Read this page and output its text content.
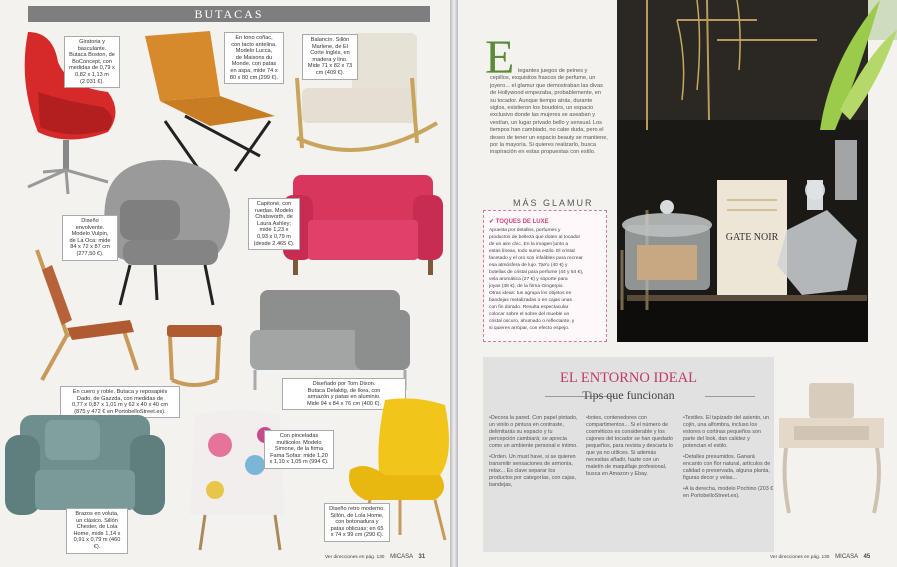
BUTACAS
Giratoria y
basculante.
Butaca Boston, de
BoConcept, con
medidas de 0,79 x
0,82 x 1,13 m
(2.031 €).
En tono coñac,
con tacto antelina.
Modelo Lucca,
de Maisons du
Monde, con patas
en aspa, mide 74 x
80 x 80 cm (299 €).
Balancín. Sillón
Marlene, de El
Corte Inglés, en
madera y lino.
Mide 71 x 82 x 73
cm (409 €).
Diseño
envolvente.
Modelo Vulpin,
de La Oca: mide
84 x 72 x 87 cm
(277,50 €).
Capitoné, con
ruedas. Modelo
Chatsworth, de
Laura Ashley;
mide 1,23 x
0,93 x 0,79 m
(desde 2.465 €).
En cuero y roble. Butaca y reposapiés
Dado, de Gazzda, con medidas de
0,77 x 0,87 x 1,01 m y 62 x 40 x 40 cm
(875 y 472 € en PortobelloStreet.es).
Diseñado por Tom Dixon.
Butaca Delaktig, de Ikea, con
armazón y patas en aluminio.
Mide 94 x 84 x 76 cm (400 €).
Con pinceladas
multicolor. Modelo
Simone, de la firma
Fama Sofas: mide 1,20
x 1,10 x 1,05 m (994 €).
Brazos en voluta,
un clásico. Sillón
Chester, de Lola
Home, mide 1,14 x
0,91 x 0,79 m (460 €).
Diseño retro moderno.
Sillón, de Lola Home,
con botonadura y
patas oblicuas; en 65
x 74 x 99 cm (290 €).
Ver direcciones en pág. 130 MICASA 31
E legantes juegos de peines y
cepillos, exquisitos frascos de perfume, un
joyero... el glamur que demostraban las divas
de Hollywood empezaba, probablemente, en
su tocador. Aunque tiempo atrás, durante
siglos, existieron los boudoirs, un espacio
exclusivo donde las mujeres se aseaban y
vestían, un lugar privado bello y sensual. Los
tiempos han cambiado, no cabe duda, pero el
deseo de tener un espacio beauty se mantiene,
por la mayoría. Si quieres realizarlo, busca
inspiración en estas propuestas con estilo.
MÁS GLAMUR
✔ TOQUES DE LUXE
Apuesta por detalles, perfumes y
productos de belleza que doten al tocador
de un aire chic. En la imagen junto a
estas líneas, todo suma estilo. El cristal
facetado y el oro son infalibles para recrear
esa atmósfera de lujo. Tarro (40 €) y
botellas de cristal para perfume (44 y 54 €),
vela aromática (27 €) y soporte para
joyas (38 €), de la firma Gingerpix.
Otras ideas: tus agrupa los objetos en
bandejas metalizadas o en cajas unas
con fin dorado. Resulta espectacular
colocar sobre el sobre del mueble un
cristal oscuro, ahumado o reflectante, y
si quieres arropar, con efecto espejo.
GATE NOIR
EL ENTORNO IDEAL
Tips que funcionan

• Decora la pared. Con papel pintado, un vinilo o pintura en contraste, delimitarás su espacio y tu percepción cambiará; se aprecia como un ambiente personal e íntimo.

• Orden. Un must have, si se quieren transmitir sensaciones de armonía, relax... Es clave separar los productos por categorías, con cajas, bandejas,

• botes, contenedores con compartimentos... Si el número de cosméticos es considerable y los cajones del tocador se han quedado pequeños, para revista y descarta lo que ya no utilices. Si además necesitas añadir, hazte con un maletín de maquillaje profesional, busca en Amazon y Ebay.

• Textiles. El tapizado del asiento, un cojín, una alfombra, incluso los estores o cortinas pequeños son parte del look, dan calidez y potencian el estilo.

• Detalles presumidos. Ganará encanto con flor natural, artículos de calidad o preservada, alguna planta, figuras decor y velas...

• A la derecha, modelo Pochino (203 € en PortobelloStreet.es).

Ver direcciones en pág. 130 MICASA 45
